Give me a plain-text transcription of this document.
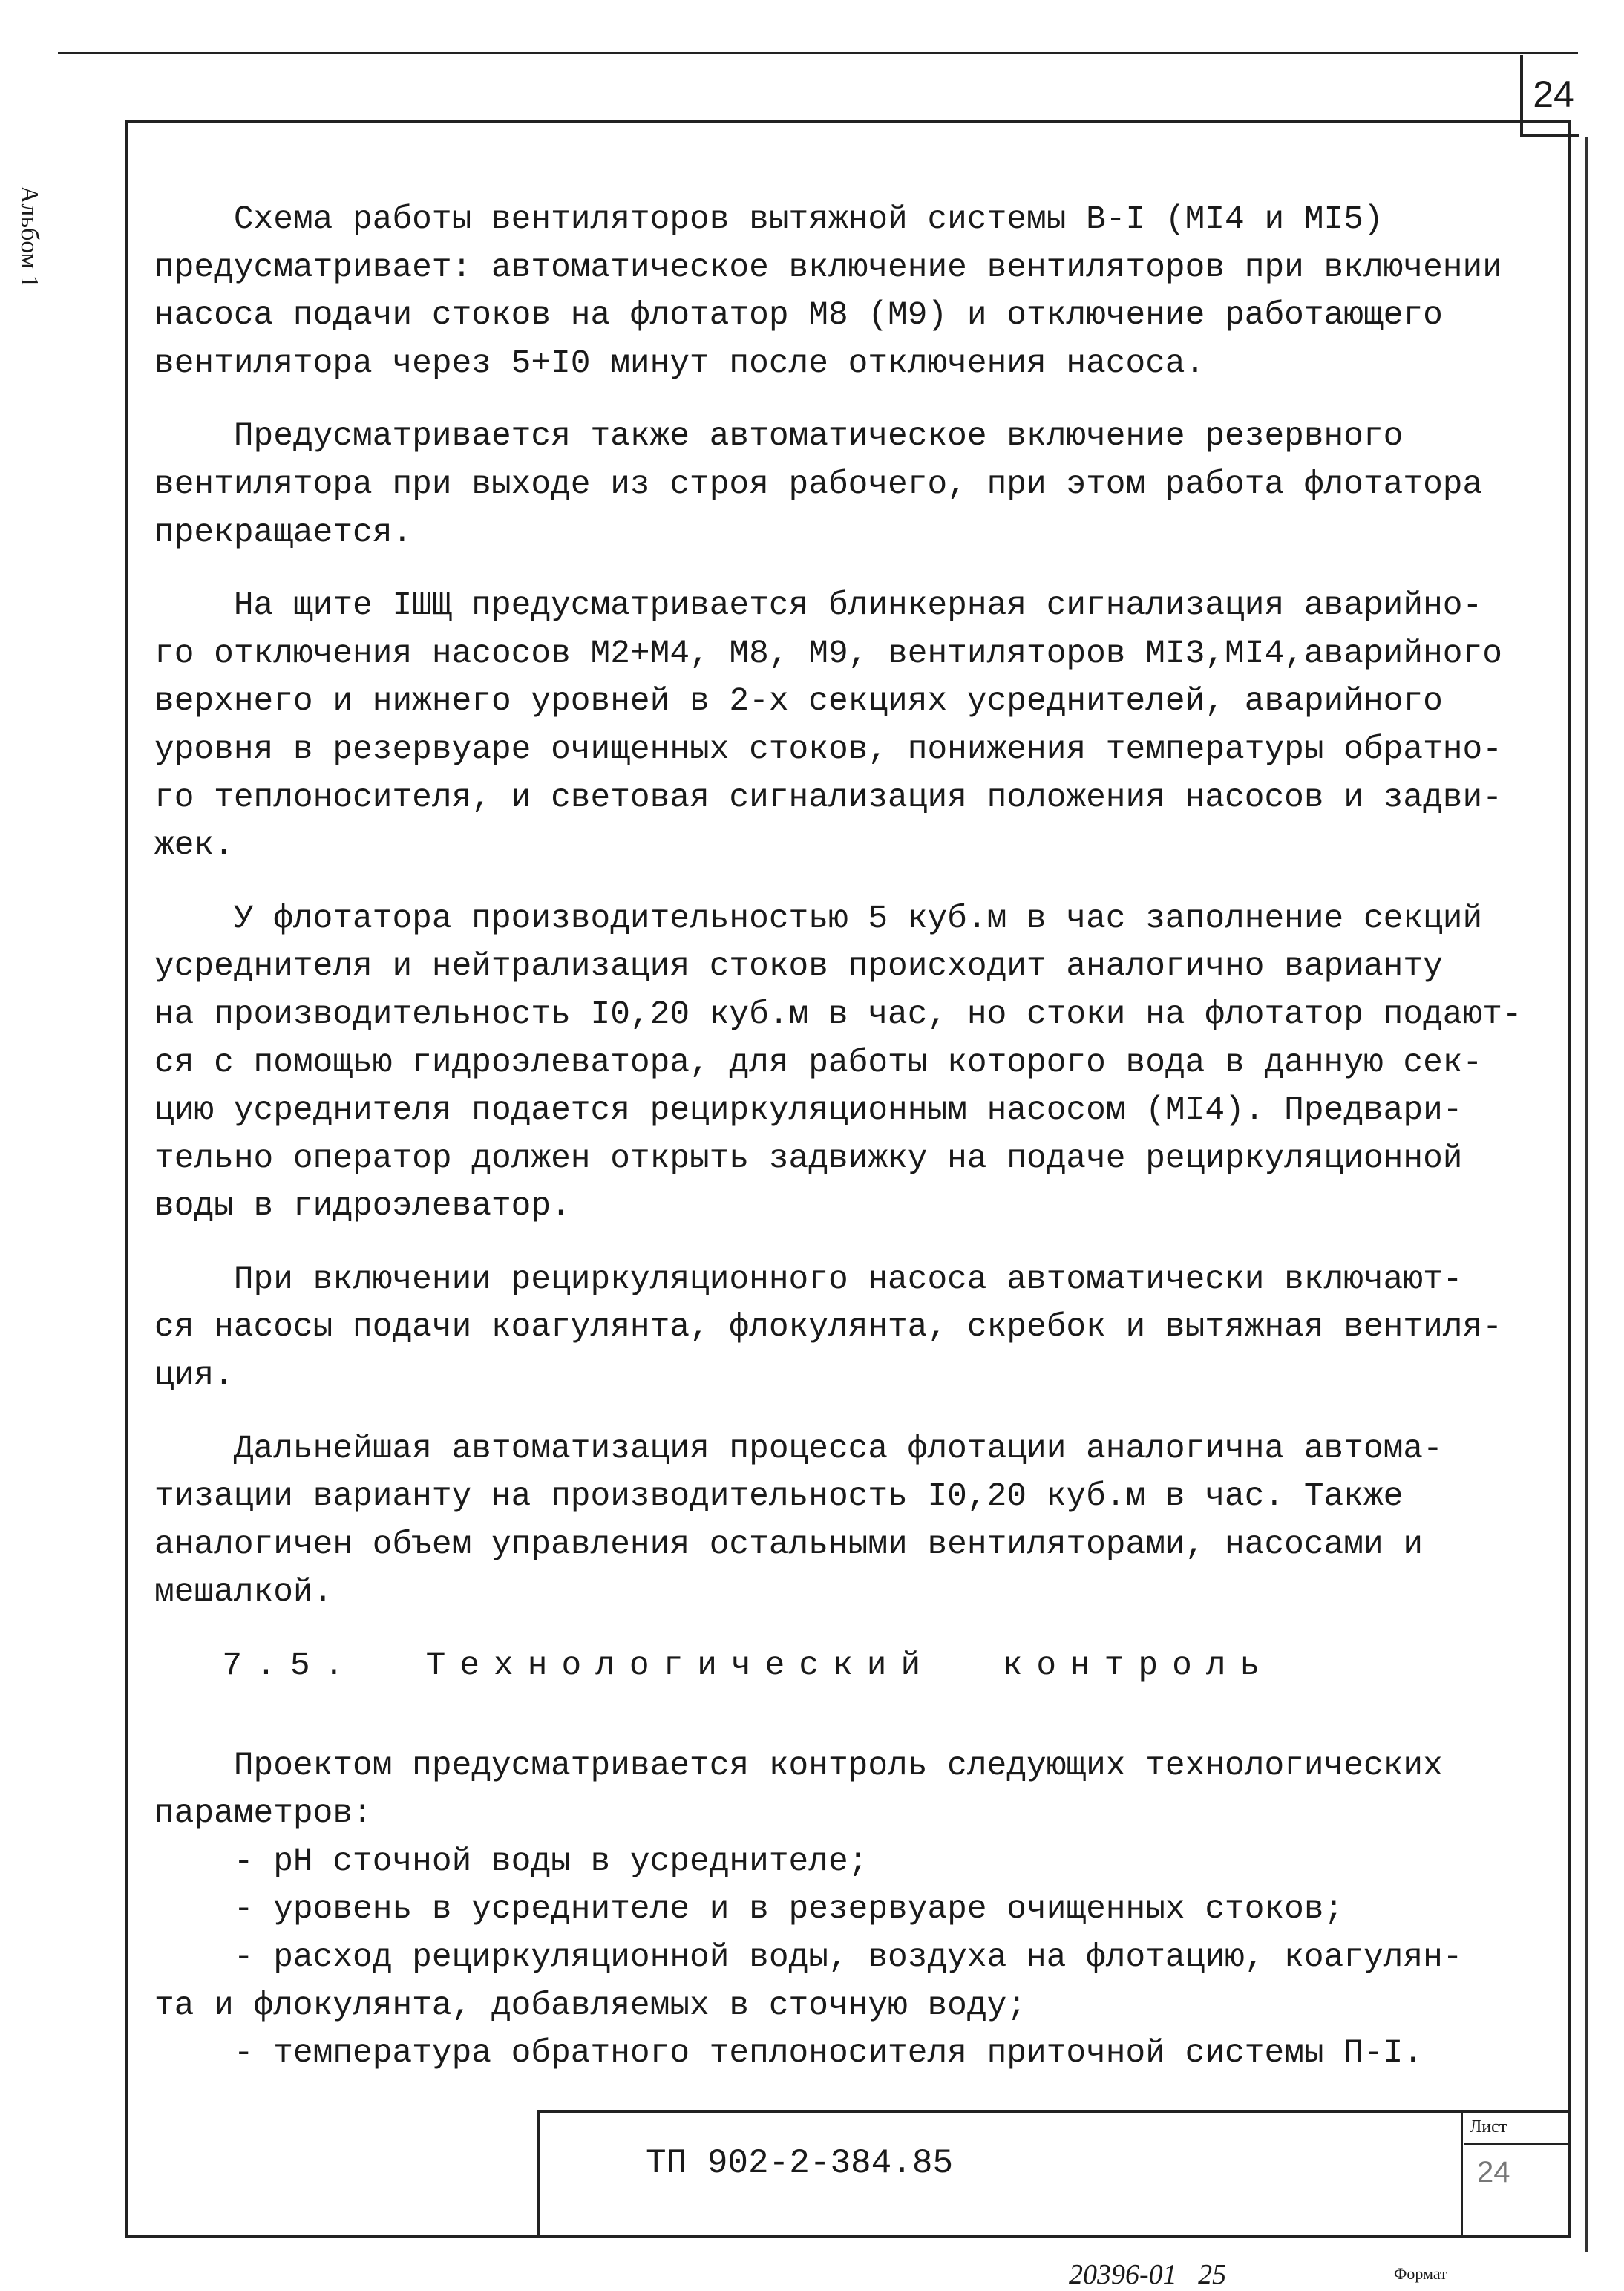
24
Альбом 1	Схема работы вентиляторов вытяжной системы В-I (МI4 и МI5)
предусматривает: автоматическое включение вентиляторов при включении
насоса подачи стоков на флотатор М8 (М9) и отключение работающего
вентилятора через 5+I0 минут после отключения насоса.
Предусматривается также автоматическое включение резервного
вентилятора при выходе из строя рабочего, при этом работа флотатора
прекращается.
На щите IШЩ предусматривается блинкерная сигнализация аварийно-
го отключения насосов М2+М4, М8, М9, вентиляторов МI3,МI4,аварийного
верхнего и нижнего уровней в 2-х секциях усреднителей, аварийного
уровня в резервуаре очищенных стоков, понижения температуры обратно-
го теплоносителя, и световая сигнализация положения насосов и задви-
жек.
У флотатора производительностью 5 куб.м в час заполнение секций
усреднителя и нейтрализация стоков происходит аналогично варианту
на производительность I0,20 куб.м в час, но стоки на флотатор подают-
ся с помощью гидроэлеватора, для работы которого вода в данную сек-
цию усреднителя подается рециркуляционным насосом (МI4). Предвари-
тельно оператор должен открыть задвижку на подаче рециркуляционной
воды в гидроэлеватор.
При включении рециркуляционного насоса автоматически включают-
ся насосы подачи коагулянта, флокулянта, скребок и вытяжная вентиля-
ция.
Дальнейшая автоматизация процесса флотации аналогична автома-
тизации варианту на производительность I0,20 куб.м в час. Также
аналогичен объем управления остальными вентиляторами, насосами и
мешалкой.
7.5.  Технологический  контроль
Проектом предусматривается контроль следующих технологических
параметров:
- рН сточной воды в усреднителе;
- уровень в усреднителе и в резервуаре очищенных стоков;
- расход рециркуляционной воды, воздуха на флотацию, коагулян-
та и флокулянта, добавляемых в сточную воду;
- температура обратного теплоносителя приточной системы П-I.
ТП 902-2-384.85
Лист
24
20396-01   25	Формат
